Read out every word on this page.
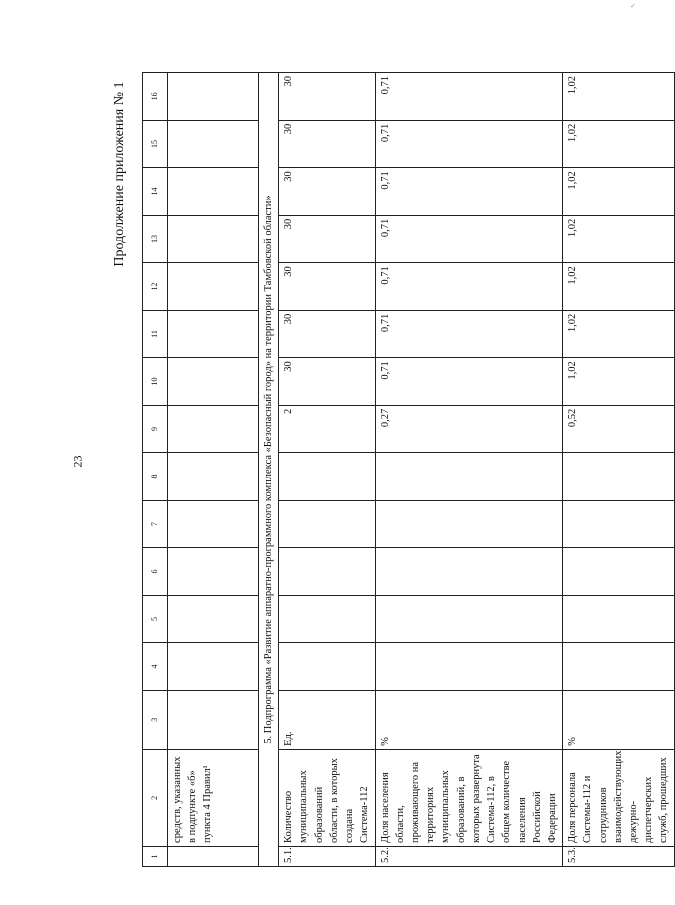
✓
23
Продолжение приложения № 1
1	2	3	4	5	6	7	8	9	10	11	12	13	14	15	16
	средств, указанных в подпункте «б» пункта 4 Правил¹														
5. Подпрограмма «Развитие аппаратно-программного комплекса «Безопасный город» на территории Тамбовской области»															
5.1.	Количество муниципальных образований области, в которых создана Система-112	Ед.						2	30	30	30	30	30	30	30
5.2.	Доля населения области, проживающего на территориях муниципальных образований, в которых развернута Система-112, в общем количестве населения Российской Федерации	%						0,27	0,71	0,71	0,71	0,71	0,71	0,71	0,71
5.3.	Доля персонала Системы-112 и сотрудников взаимодействующих дежурно-диспетчерских служб, прошедших	%						0,52	1,02	1,02	1,02	1,02	1,02	1,02	1,02
